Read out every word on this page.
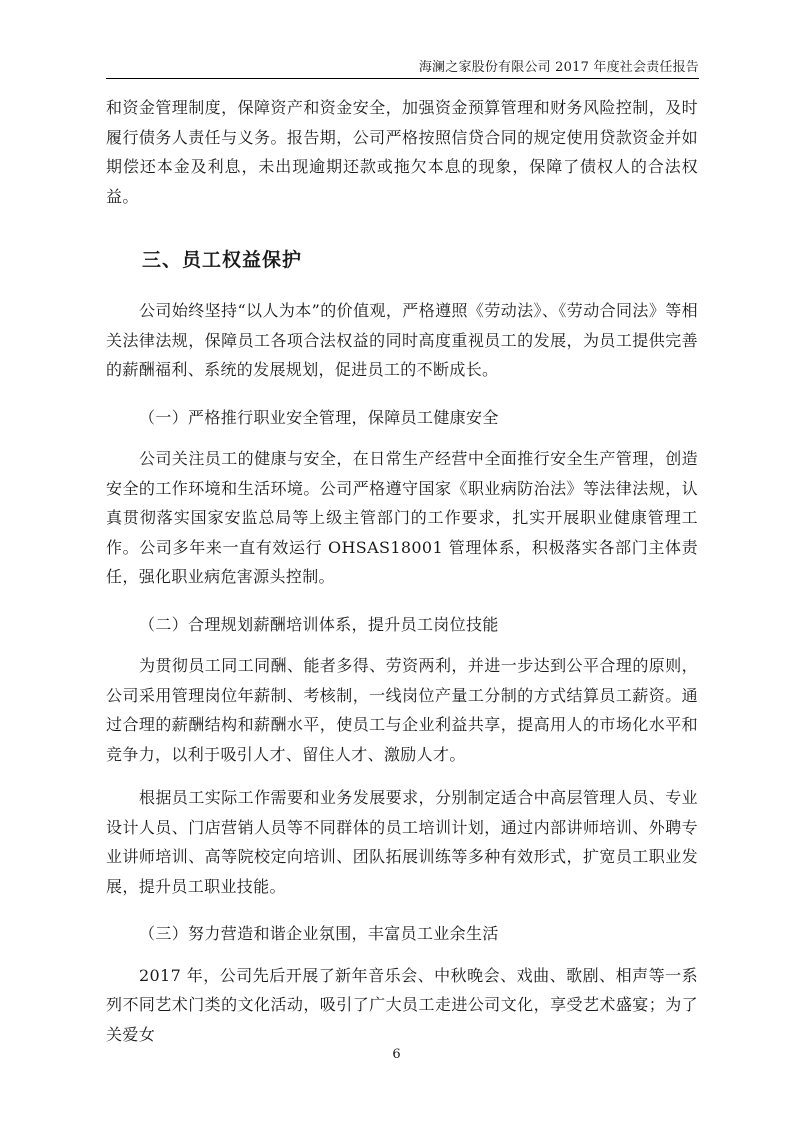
海澜之家股份有限公司 2017 年度社会责任报告

和资金管理制度，保障资产和资金安全，加强资金预算管理和财务风险控制，及时履行债务人责任与义务。报告期，公司严格按照信贷合同的规定使用贷款资金并如期偿还本金及利息，未出现逾期还款或拖欠本息的现象，保障了债权人的合法权益。

三、员工权益保护

公司始终坚持“以人为本”的价值观，严格遵照《劳动法》、《劳动合同法》等相关法律法规，保障员工各项合法权益的同时高度重视员工的发展，为员工提供完善的薪酬福利、系统的发展规划，促进员工的不断成长。

（一）严格推行职业安全管理，保障员工健康安全

公司关注员工的健康与安全，在日常生产经营中全面推行安全生产管理，创造安全的工作环境和生活环境。公司严格遵守国家《职业病防治法》等法律法规，认真贯彻落实国家安监总局等上级主管部门的工作要求，扎实开展职业健康管理工作。公司多年来一直有效运行 OHSAS18001 管理体系，积极落实各部门主体责任，强化职业病危害源头控制。

（二）合理规划薪酬培训体系，提升员工岗位技能

为贯彻员工同工同酬、能者多得、劳资两利，并进一步达到公平合理的原则，公司采用管理岗位年薪制、考核制，一线岗位产量工分制的方式结算员工薪资。通过合理的薪酬结构和薪酬水平，使员工与企业利益共享，提高用人的市场化水平和竞争力，以利于吸引人才、留住人才、激励人才。

根据员工实际工作需要和业务发展要求，分别制定适合中高层管理人员、专业设计人员、门店营销人员等不同群体的员工培训计划，通过内部讲师培训、外聘专业讲师培训、高等院校定向培训、团队拓展训练等多种有效形式，扩宽员工职业发展，提升员工职业技能。

（三）努力营造和谐企业氛围，丰富员工业余生活

2017 年，公司先后开展了新年音乐会、中秋晚会、戏曲、歌剧、相声等一系列不同艺术门类的文化活动，吸引了广大员工走进公司文化，享受艺术盛宴；为了关爱女

6
